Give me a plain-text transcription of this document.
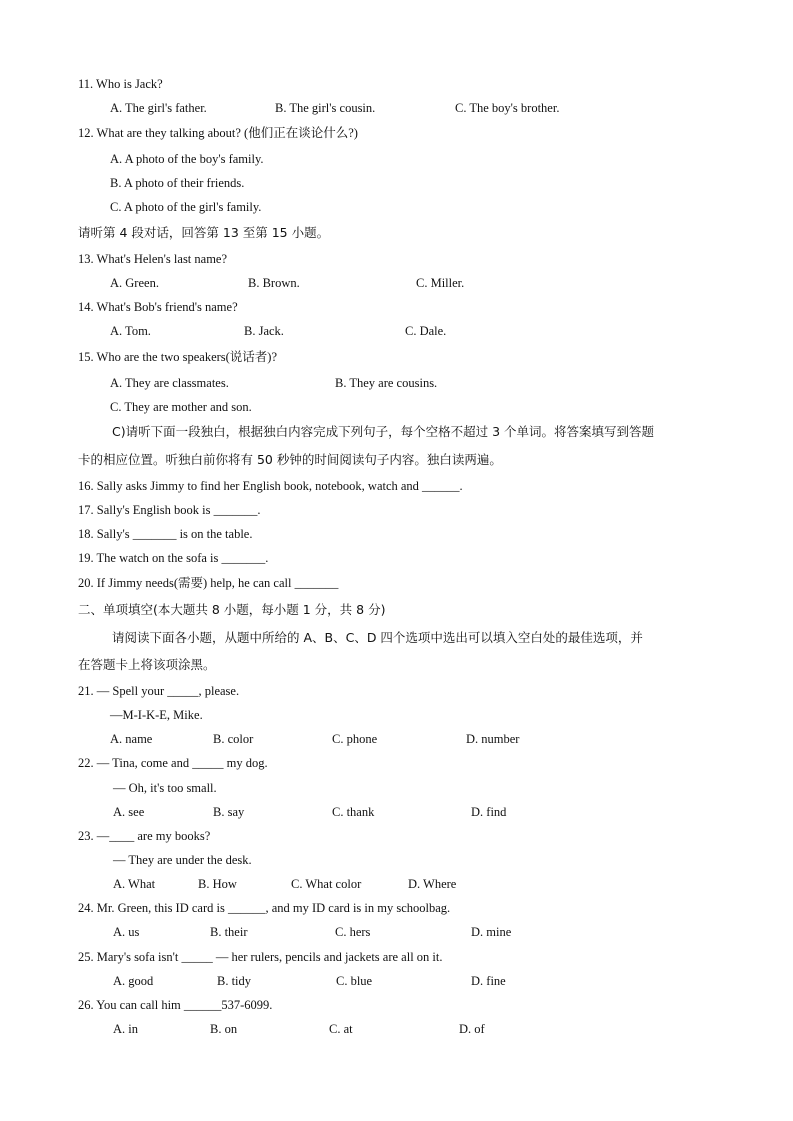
11. Who is Jack?
A. The girl's father.	B. The girl's cousin.	C. The boy's brother.
12. What are they talking about? (他们正在谈论什么?)
A. A photo of the boy's family.
B. A photo of their friends.
C. A photo of the girl's family.
请听第 4 段对话，回答第 13 至第 15 小题。
13. What's Helen's last name?
A. Green.	B. Brown.	C. Miller.
14. What's Bob's friend's name?
A. Tom.	B. Jack.	C. Dale.
15. Who are the two speakers(说话者)?
A. They are classmates.	B. They are cousins.
C. They are mother and son.
C)请听下面一段独白，根据独白内容完成下列句子，每个空格不超过 3 个单词。将答案填写到答题
卡的相应位置。听独白前你将有 50 秒钟的时间阅读句子内容。独白读两遍。
16. Sally asks Jimmy to find her English book, notebook, watch and ______.
17. Sally's English book is _______.
18. Sally's _______ is on the table.
19. The watch on the sofa is _______.
20. If Jimmy needs(需要) help, he can call _______
二、单项填空(本大题共 8 小题，每小题 1 分，共 8 分)
请阅读下面各小题，从题中所给的 A、B、C、D 四个选项中选出可以填入空白处的最佳选项，并
在答题卡上将该项涂黑。
21. — Spell your _____, please.
—M-I-K-E, Mike.
A. name	B. color	C. phone	D. number
22. — Tina, come and _____ my dog.
— Oh, it's too small.
A. see	B. say	C. thank	D. find
23. —____ are my books?
— They are under the desk.
A. What	B. How	C. What color	D. Where
24. Mr. Green, this ID card is ______, and my ID card is in my schoolbag.
A. us	B. their	C. hers	D. mine
25. Mary's sofa isn't _____ — her rulers, pencils and jackets are all on it.
A. good	B. tidy	C. blue	D. fine
26. You can call him ______537-6099.
A. in	B. on	C. at	D. of
